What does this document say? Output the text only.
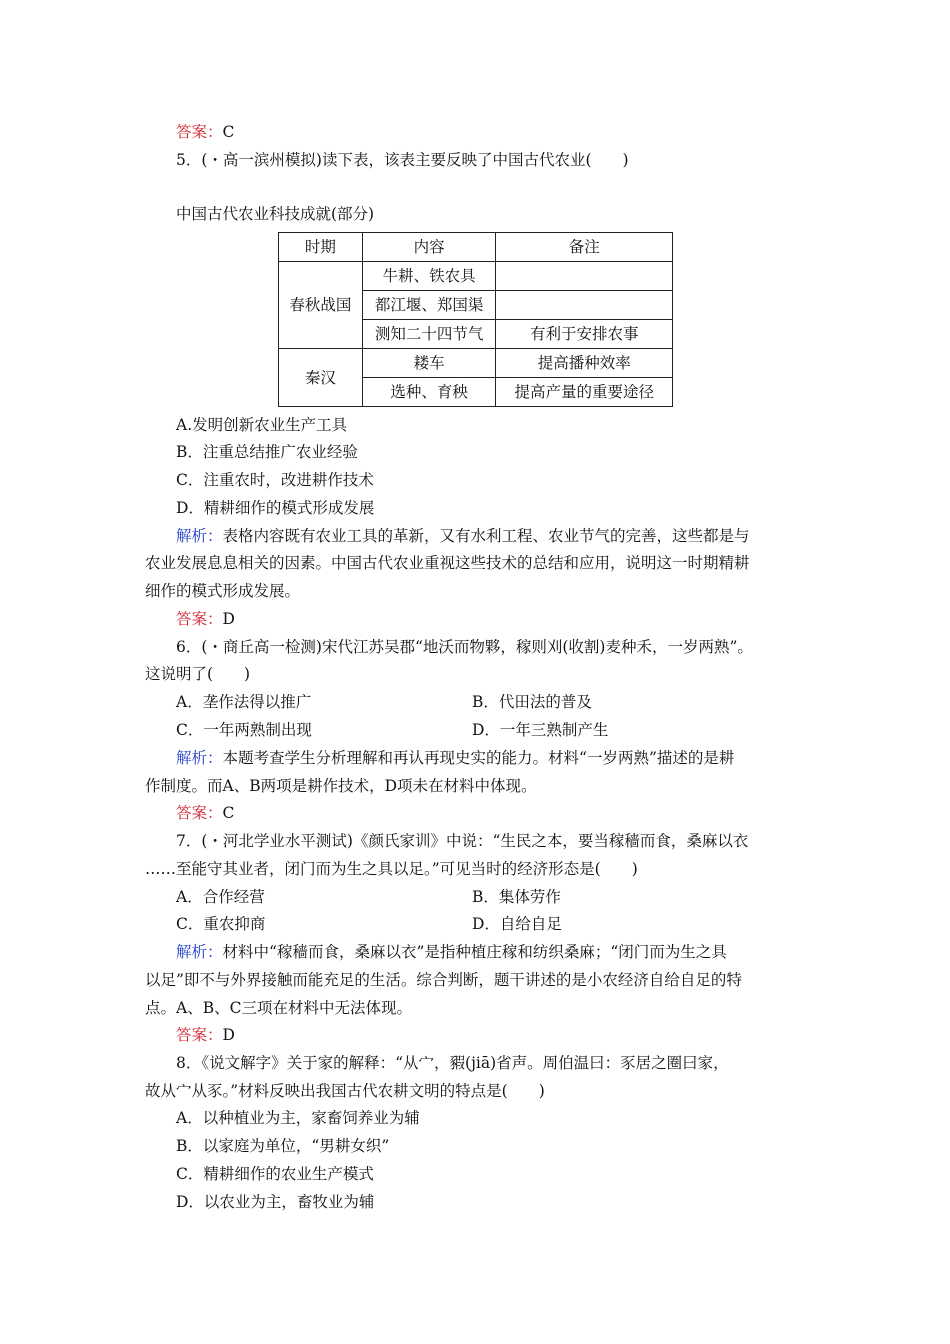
答案：C
5．(・高一滨州模拟)读下表，该表主要反映了中国古代农业(　　)
中国古代农业科技成就(部分)
时期	内容	备注
春秋战国	牛耕、铁农具	
	都江堰、郑国渠	
	测知二十四节气	有利于安排农事
秦汉	耧车	提高播种效率
	选种、育秧	提高产量的重要途径
A.发明创新农业生产工具
B．注重总结推广农业经验
C．注重农时，改进耕作技术
D．精耕细作的模式形成发展
解析：表格内容既有农业工具的革新，又有水利工程、农业节气的完善，这些都是与
农业发展息息相关的因素。中国古代农业重视这些技术的总结和应用，说明这一时期精耕
细作的模式形成发展。
答案：D
6．(・商丘高一检测)宋代江苏吴郡“地沃而物夥，稼则刈(收割)麦种禾，一岁两熟”。
这说明了(　　)
A．垄作法得以推广	B．代田法的普及
C．一年两熟制出现	D．一年三熟制产生
解析：本题考查学生分析理解和再认再现史实的能力。材料“一岁两熟”描述的是耕
作制度。而A、B两项是耕作技术，D项未在材料中体现。
答案：C
7．(・河北学业水平测试)《颜氏家训》中说：“生民之本，要当稼穑而食，桑麻以衣
……至能守其业者，闭门而为生之具以足。”可见当时的经济形态是(　　)
A．合作经营	B．集体劳作
C．重农抑商	D．自给自足
解析：材料中“稼穑而食，桑麻以衣”是指种植庄稼和纺织桑麻；“闭门而为生之具
以足”即不与外界接触而能充足的生活。综合判断，题干讲述的是小农经济自给自足的特
点。A、B、C三项在材料中无法体现。
答案：D
8．《说文解字》关于家的解释：“从宀，豭(jiā)省声。周伯温曰：豕居之圈曰家，
故从宀从豕。”材料反映出我国古代农耕文明的特点是(　　)
A．以种植业为主，家畜饲养业为辅
B．以家庭为单位，“男耕女织”
C．精耕细作的农业生产模式
D．以农业为主，畜牧业为辅
